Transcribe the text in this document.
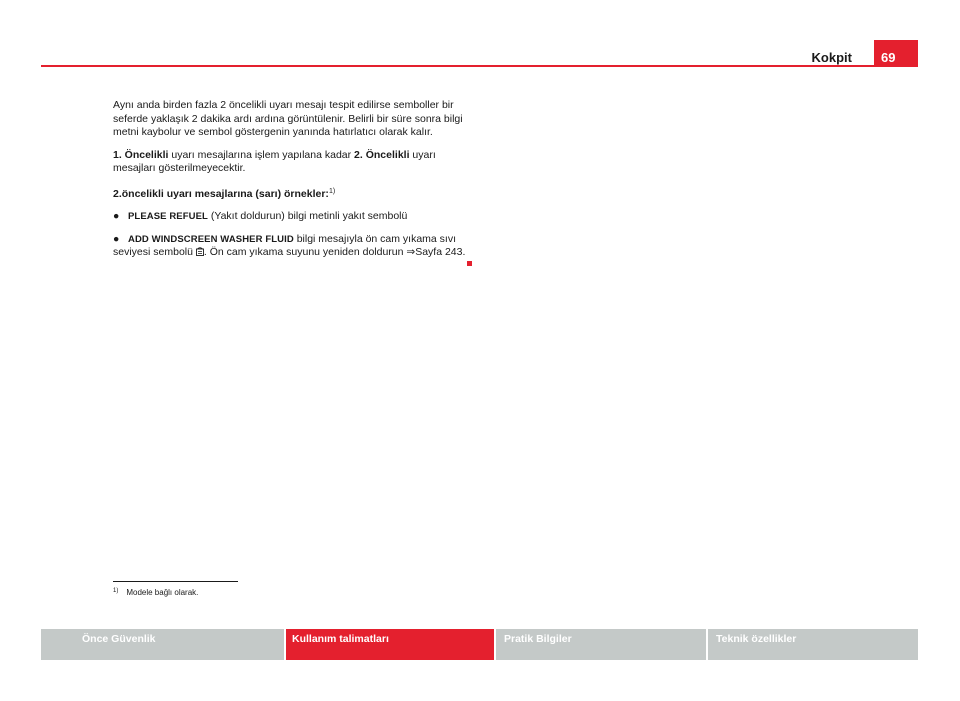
Kokpit	69

Aynı anda birden fazla 2 öncelikli uyarı mesajı tespit edilirse semboller bir seferde yaklaşık 2 dakika ardı ardına görüntülenir. Belirli bir süre sonra bilgi metni kaybolur ve sembol göstergenin yanında hatırlatıcı olarak kalır.

1. Öncelikli uyarı mesajlarına işlem yapılana kadar 2. Öncelikli uyarı mesajları gösterilmeyecektir.

2.öncelikli uyarı mesajlarına (sarı) örnekler:$^{1)}$

● PLEASE REFUEL (Yakıt doldurun) bilgi metinli yakıt sembolü

● ADD WINDSCREEN WASHER FLUID bilgi mesajıyla ön cam yıkama sıvı seviyesi sembolü . Ön cam yıkama suyunu yeniden doldurun ⇒Sayfa 243.

$^{1)}$ Modele bağlı olarak.
Önce Güvenlik	Kullanım talimatları	Pratik Bilgiler	Teknik özellikler
